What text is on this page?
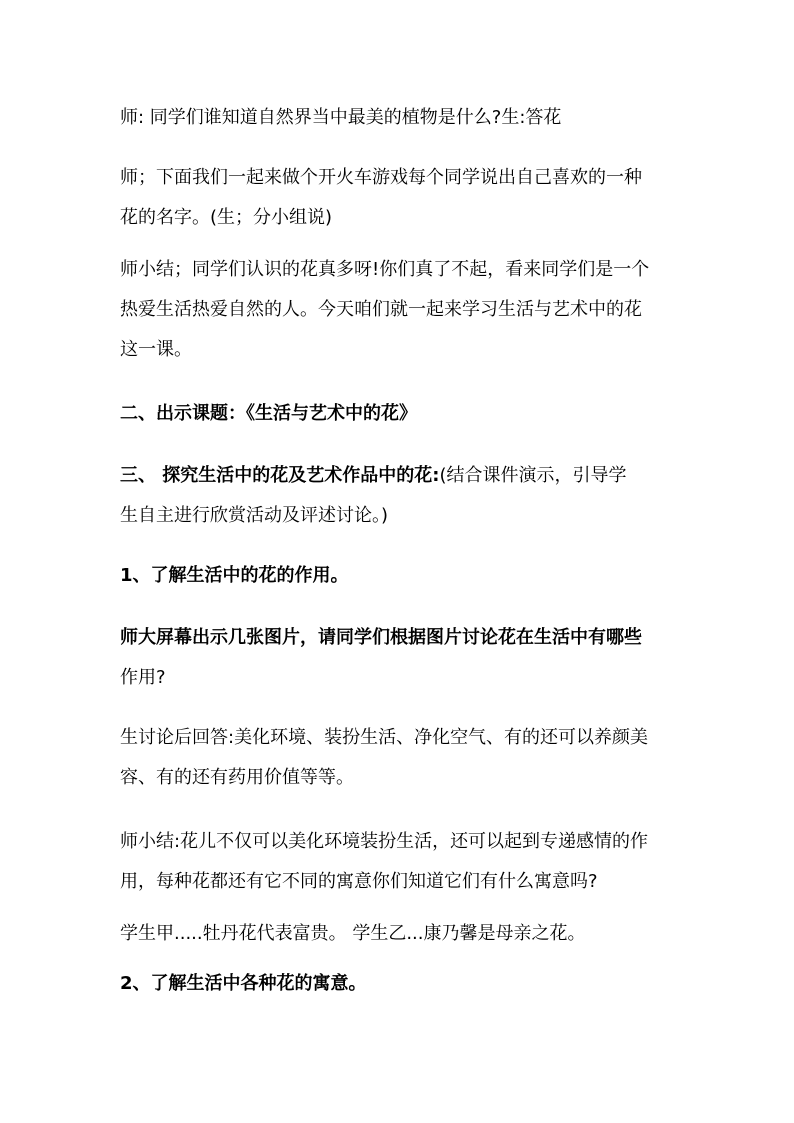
师: 同学们谁知道自然界当中最美的植物是什么?生:答花
师；下面我们一起来做个开火车游戏每个同学说出自己喜欢的一种
花的名字。(生；分小组说)
师小结；同学们认识的花真多呀!你们真了不起，看来同学们是一个
热爱生活热爱自然的人。今天咱们就一起来学习生活与艺术中的花
这一课。
二、出示课题：《生活与艺术中的花》
三、 探究生活中的花及艺术作品中的花:(结合课件演示，引导学
生自主进行欣赏活动及评述讨论。)
1、了解生活中的花的作用。
师大屏幕出示几张图片，请同学们根据图片讨论花在生活中有哪些
作用?
生讨论后回答:美化环境、装扮生活、净化空气、有的还可以养颜美
容、有的还有药用价值等等。
师小结:花儿不仅可以美化环境装扮生活，还可以起到专递感情的作
用，每种花都还有它不同的寓意你们知道它们有什么寓意吗?
学生甲.....牡丹花代表富贵。 学生乙...康乃馨是母亲之花。
2、了解生活中各种花的寓意。
